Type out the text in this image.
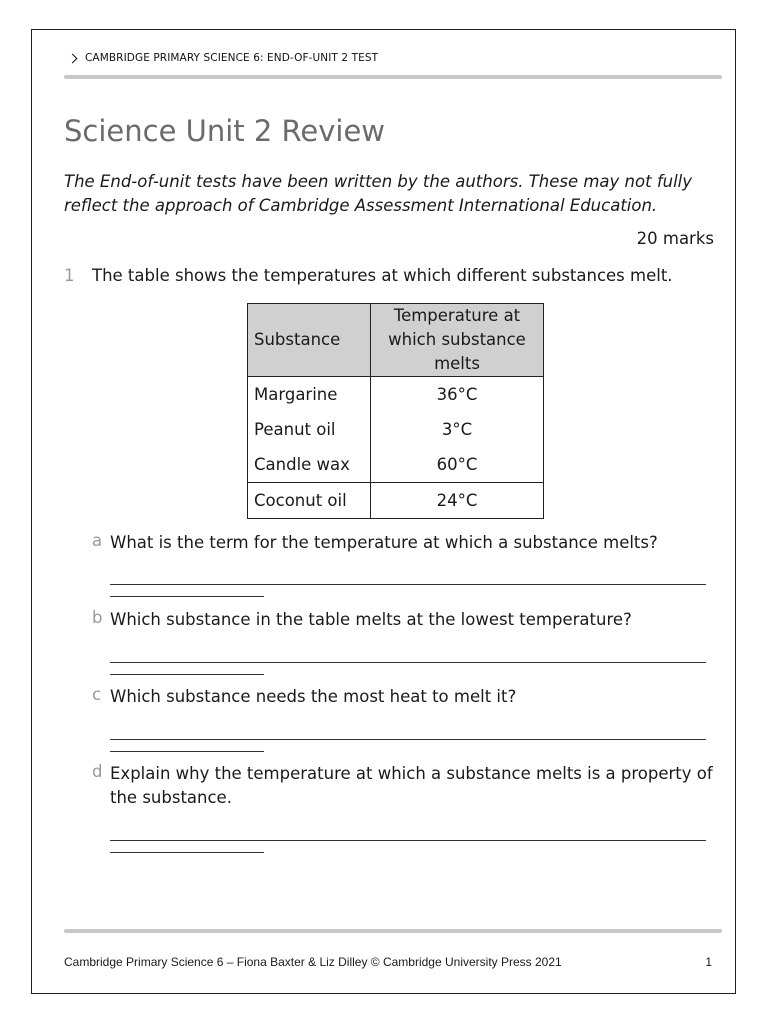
CAMBRIDGE PRIMARY SCIENCE 6: END-OF-UNIT 2 TEST
Science Unit 2 Review
The End-of-unit tests have been written by the authors. These may not fully reflect the approach of Cambridge Assessment International Education.
20 marks
1 The table shows the temperatures at which different substances melt.
Substance	Temperature at which substance melts
Margarine	36°C
Peanut oil	3°C
Candle wax	60°C
Coconut oil	24°C
a What is the term for the temperature at which a substance melts?
b Which substance in the table melts at the lowest temperature?
c Which substance needs the most heat to melt it?
d Explain why the temperature at which a substance melts is a property of the substance.
Cambridge Primary Science 6 – Fiona Baxter & Liz Dilley © Cambridge University Press 2021	1
